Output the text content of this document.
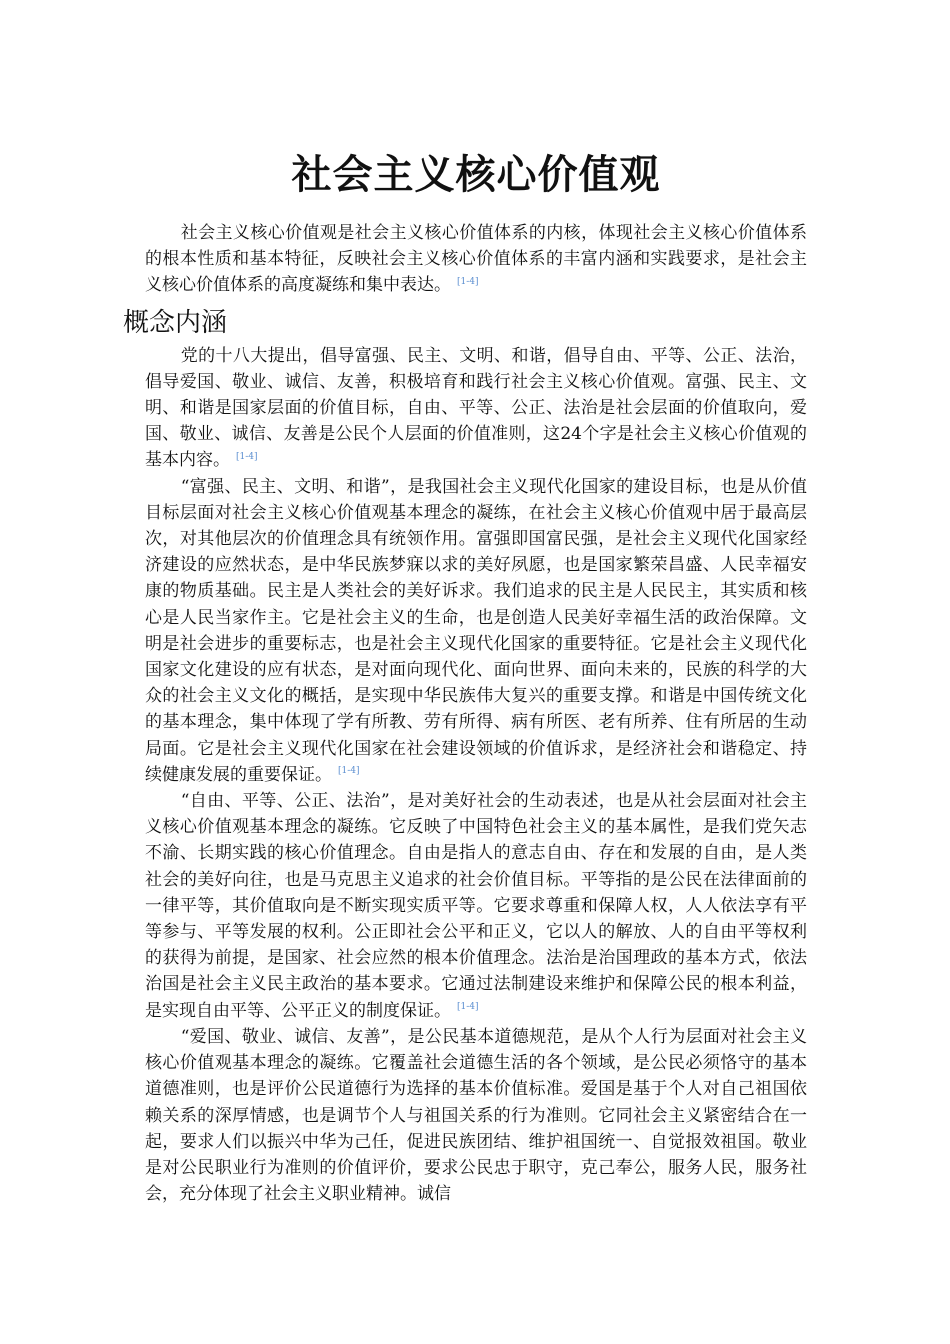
社会主义核心价值观

社会主义核心价值观是社会主义核心价值体系的内核，体现社会主义核心价值体系的根本性质和基本特征，反映社会主义核心价值体系的丰富内涵和实践要求，是社会主义核心价值体系的高度凝练和集中表达。 [1-4]

概念内涵

党的十八大提出，倡导富强、民主、文明、和谐，倡导自由、平等、公正、法治，倡导爱国、敬业、诚信、友善，积极培育和践行社会主义核心价值观。富强、民主、文明、和谐是国家层面的价值目标，自由、平等、公正、法治是社会层面的价值取向，爱国、敬业、诚信、友善是公民个人层面的价值准则，这24个字是社会主义核心价值观的基本内容。 [1-4]

“富强、民主、文明、和谐”，是我国社会主义现代化国家的建设目标，也是从价值目标层面对社会主义核心价值观基本理念的凝练，在社会主义核心价值观中居于最高层次，对其他层次的价值理念具有统领作用。富强即国富民强，是社会主义现代化国家经济建设的应然状态，是中华民族梦寐以求的美好夙愿，也是国家繁荣昌盛、人民幸福安康的物质基础。民主是人类社会的美好诉求。我们追求的民主是人民民主，其实质和核心是人民当家作主。它是社会主义的生命，也是创造人民美好幸福生活的政治保障。文明是社会进步的重要标志，也是社会主义现代化国家的重要特征。它是社会主义现代化国家文化建设的应有状态，是对面向现代化、面向世界、面向未来的，民族的科学的大众的社会主义文化的概括，是实现中华民族伟大复兴的重要支撑。和谐是中国传统文化的基本理念，集中体现了学有所教、劳有所得、病有所医、老有所养、住有所居的生动局面。它是社会主义现代化国家在社会建设领域的价值诉求，是经济社会和谐稳定、持续健康发展的重要保证。 [1-4]

“自由、平等、公正、法治”，是对美好社会的生动表述，也是从社会层面对社会主义核心价值观基本理念的凝练。它反映了中国特色社会主义的基本属性，是我们党矢志不渝、长期实践的核心价值理念。自由是指人的意志自由、存在和发展的自由，是人类社会的美好向往，也是马克思主义追求的社会价值目标。平等指的是公民在法律面前的一律平等，其价值取向是不断实现实质平等。它要求尊重和保障人权，人人依法享有平等参与、平等发展的权利。公正即社会公平和正义，它以人的解放、人的自由平等权利的获得为前提，是国家、社会应然的根本价值理念。法治是治国理政的基本方式，依法治国是社会主义民主政治的基本要求。它通过法制建设来维护和保障公民的根本利益，是实现自由平等、公平正义的制度保证。 [1-4]

“爱国、敬业、诚信、友善”，是公民基本道德规范，是从个人行为层面对社会主义核心价值观基本理念的凝练。它覆盖社会道德生活的各个领域，是公民必须恪守的基本道德准则，也是评价公民道德行为选择的基本价值标准。爱国是基于个人对自己祖国依赖关系的深厚情感，也是调节个人与祖国关系的行为准则。它同社会主义紧密结合在一起，要求人们以振兴中华为己任，促进民族团结、维护祖国统一、自觉报效祖国。敬业是对公民职业行为准则的价值评价，要求公民忠于职守，克己奉公，服务人民，服务社会，充分体现了社会主义职业精神。诚信
